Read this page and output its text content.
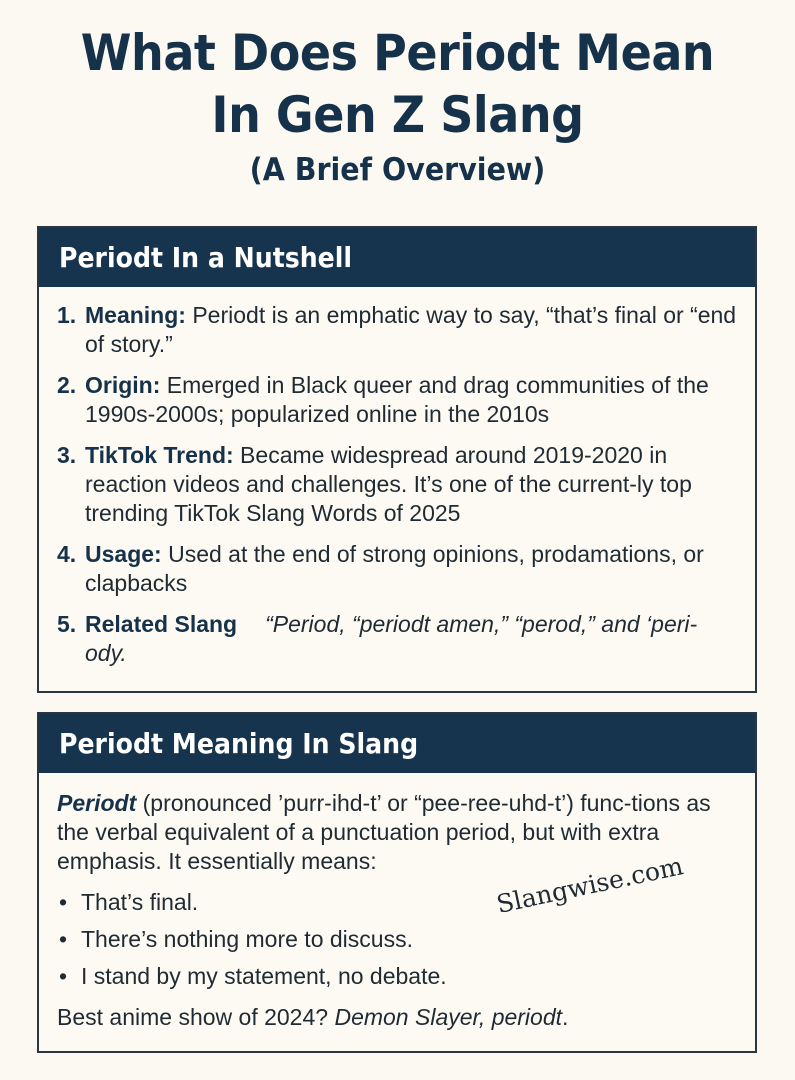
What Does Periodt Mean
In Gen Z Slang
(A Brief Overview)
Periodt In a Nutshell
1. Meaning: Periodt is an emphatic way to say, “that’s final or “end of story.”
2. Origin: Emerged in Black queer and drag communities of the 1990s-2000s; popularized online in the 2010s
3. TikTok Trend: Became widespread around 2019-2020 in reaction videos and challenges. It’s one of the current-ly top trending TikTok Slang Words of 2025
4. Usage: Used at the end of strong opinions, prodamations, or clapbacks
5. Related Slang “Period, “periodt amen,” “perod,” and ‘peri-ody.
Periodt Meaning In Slang
Periodt (pronounced ’purr-ihd-t’ or “pee-ree-uhd-t’) func-tions as the verbal equivalent of a punctuation period, but with extra emphasis. It essentially means:
• That’s final.
• There’s nothing more to discuss.
• I stand by my statement, no debate.
Best anime show of 2024? Demon Slayer, periodt.
Slangwise.com
